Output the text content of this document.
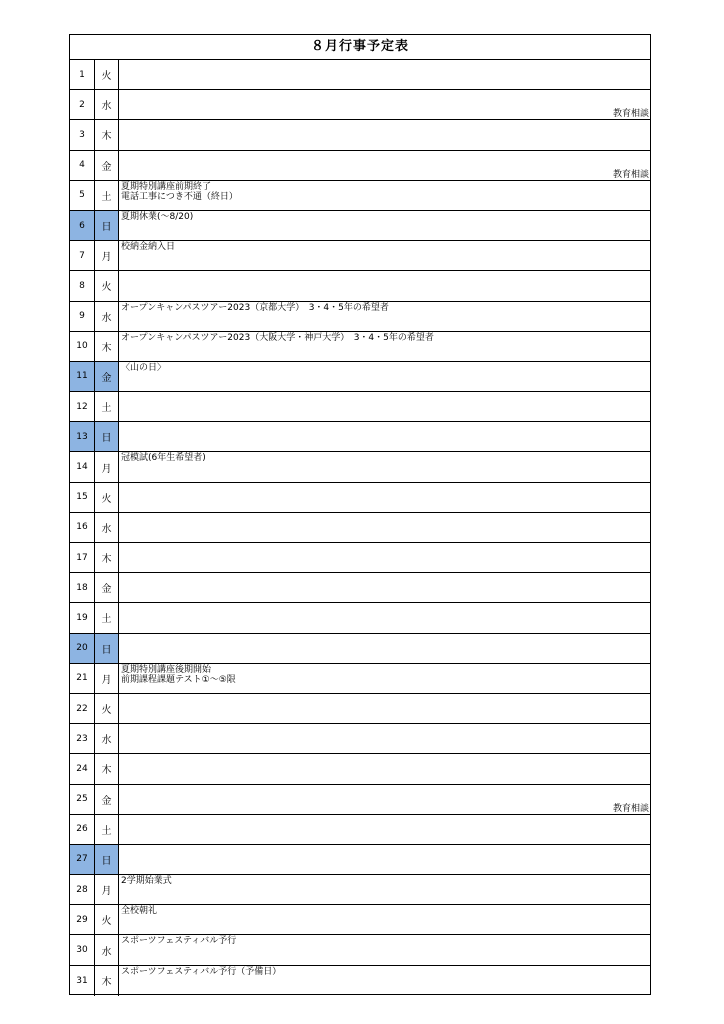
８月行事予定表
1	火
2	水
教育相談
3	木
4	金
教育相談
5	土
夏期特別講座前期終了
電話工事につき不通（終日）
6	日
夏期休業(～8/20)
7	月
校納金納入日
8	火
9	水
オープンキャンパスツアー2023（京都大学）　3・4・5年の希望者
10	木
オープンキャンパスツアー2023（大阪大学・神戸大学）　3・4・5年の希望者
11	金
〈山の日〉
12	土
13	日
14	月
冠模試(6年生希望者)
15	火
16	水
17	木
18	金
19	土
20	日
21	月
夏期特別講座後期開始
前期課程課題テスト①～⑤限
22	火
23	水
24	木
25	金
教育相談
26	土
27	日
28	月
2学期始業式
29	火
全校朝礼
30	水
スポーツフェスティバル予行
31	木
スポーツフェスティバル予行（予備日）
